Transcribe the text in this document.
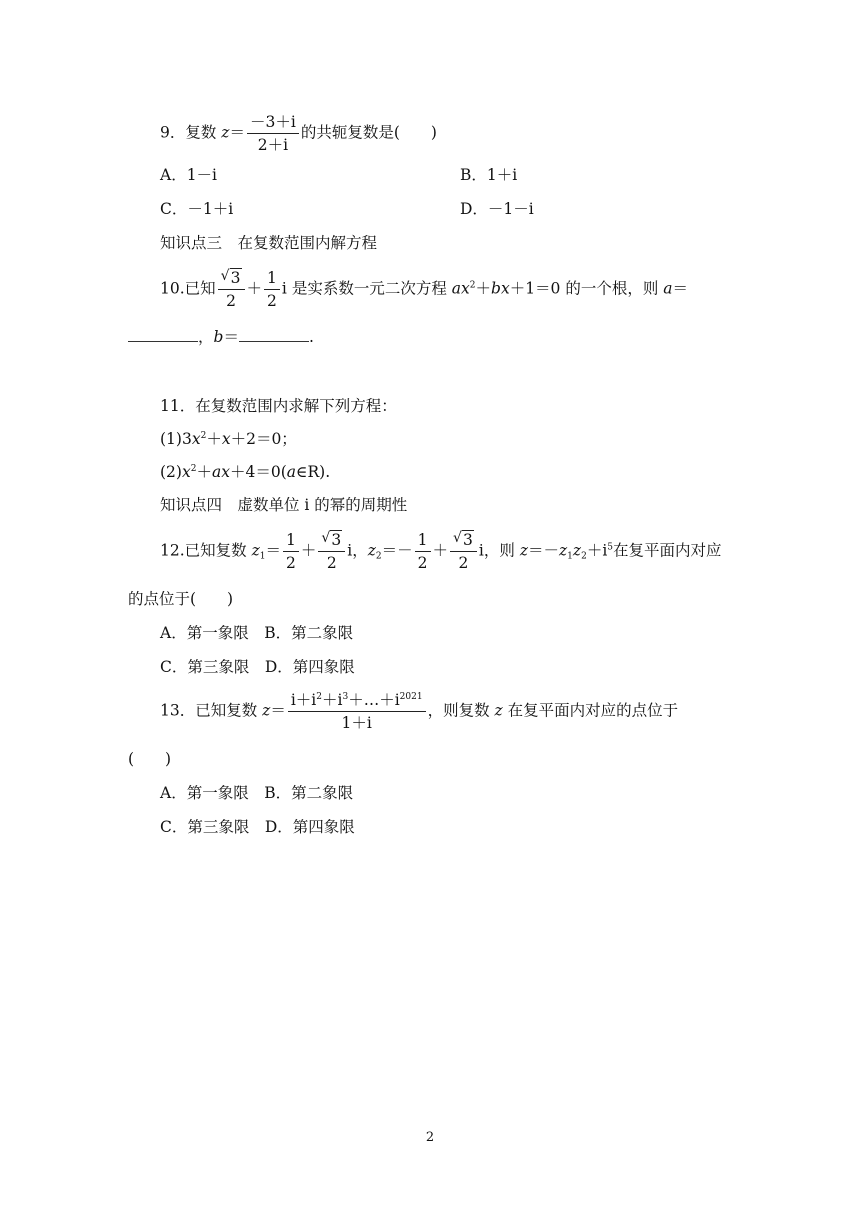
9．复数 $z= \frac{-3+i}{2+i}$ 的共轭复数是(　　)
A．1－i	B．1＋i
C．－1＋i	D．－1－i
知识点三　在复数范围内解方程
10.已知 $\frac{√ 3}{2} + \frac{1}{2}$ i 是实系数一元二次方程 $ax^2+bx+1=0$ 的一个根，则 a＝
，b＝	.
11．在复数范围内求解下列方程：
$(1)3x^2+x+2=0$；
$(2)x^2+ax+4=0(a\in R)$.
知识点四　虚数单位 i 的幂的周期性
12.已知复数 $z_1= \frac{1}{2} + \frac{√ 3}{2}$ i，$z_2=- \frac{1}{2} + \frac{√ 3}{2}$ i，则 $z=-z_1z_2+i^5$在复平面内对应
的点位于(　　)
A．第一象限　B．第二象限
C．第三象限　D．第四象限
13．已知复数 $z= \frac{i+i^2+i^3+\dots+i^{2021}}{1+i}$ ，则复数 z 在复平面内对应的点位于
(　　)
A．第一象限　B．第二象限
C．第三象限　D．第四象限
2
